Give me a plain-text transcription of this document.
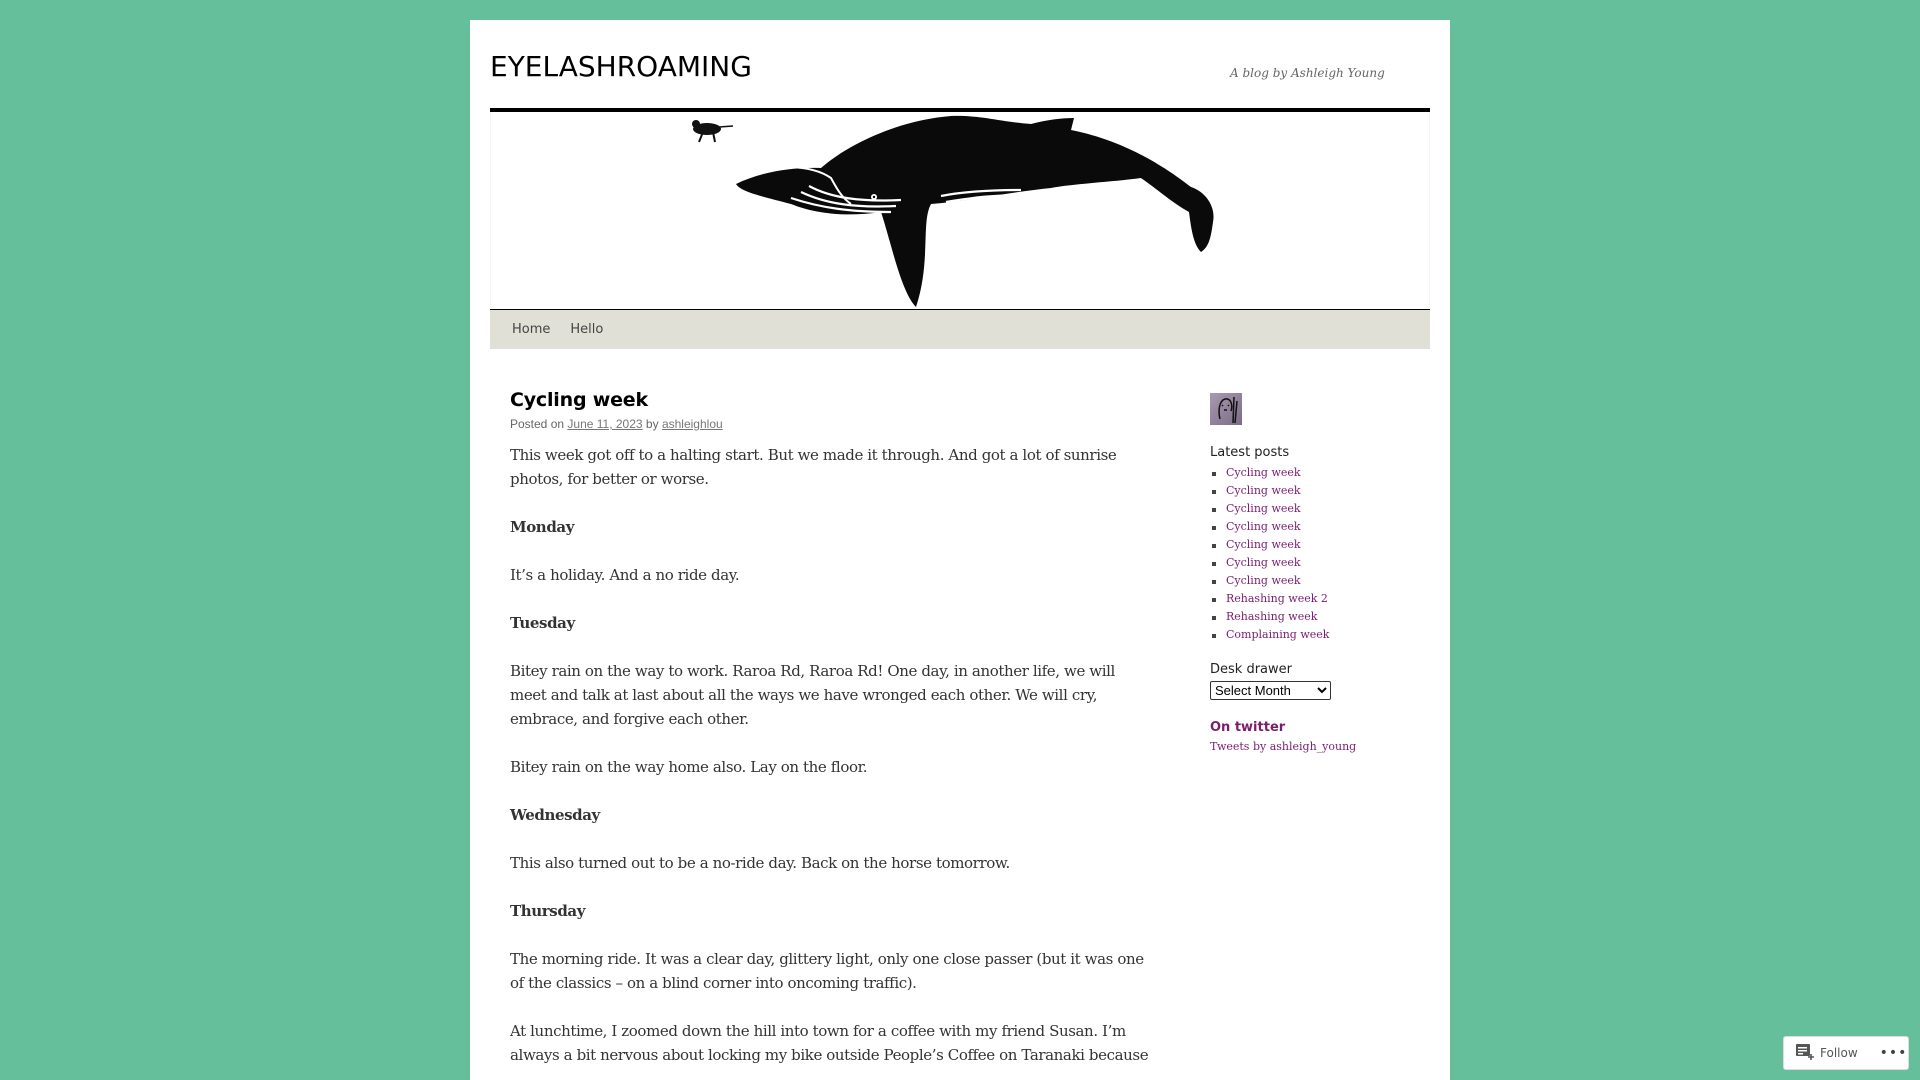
EYELASHROAMING	A blog by Ashleigh Young
Home	Hello
Cycling week
Posted on June 11, 2023 by ashleighlou

This week got off to a halting start. But we made it through. And got a lot of sunrise photos, for better or worse.

Monday

It’s a holiday. And a no ride day.

Tuesday

Bitey rain on the way to work. Raroa Rd, Raroa Rd! One day, in another life, we will meet and talk at last about all the ways we have wronged each other. We will cry, embrace, and forgive each other.

Bitey rain on the way home also. Lay on the floor.

Wednesday

This also turned out to be a no-ride day. Back on the horse tomorrow.

Thursday

The morning ride. It was a clear day, glittery light, only one close passer (but it was one of the classics – on a blind corner into oncoming traffic).

At lunchtime, I zoomed down the hill into town for a coffee with my friend Susan. I’m always a bit nervous about locking my bike outside People’s Coffee on Taranaki because

Latest posts
Cycling week
Cycling week
Cycling week
Cycling week
Cycling week
Cycling week
Cycling week
Rehashing week 2
Rehashing week
Complaining week
Desk drawer
Select Month On twitter
Tweets by ashleigh_young
Follow •••
